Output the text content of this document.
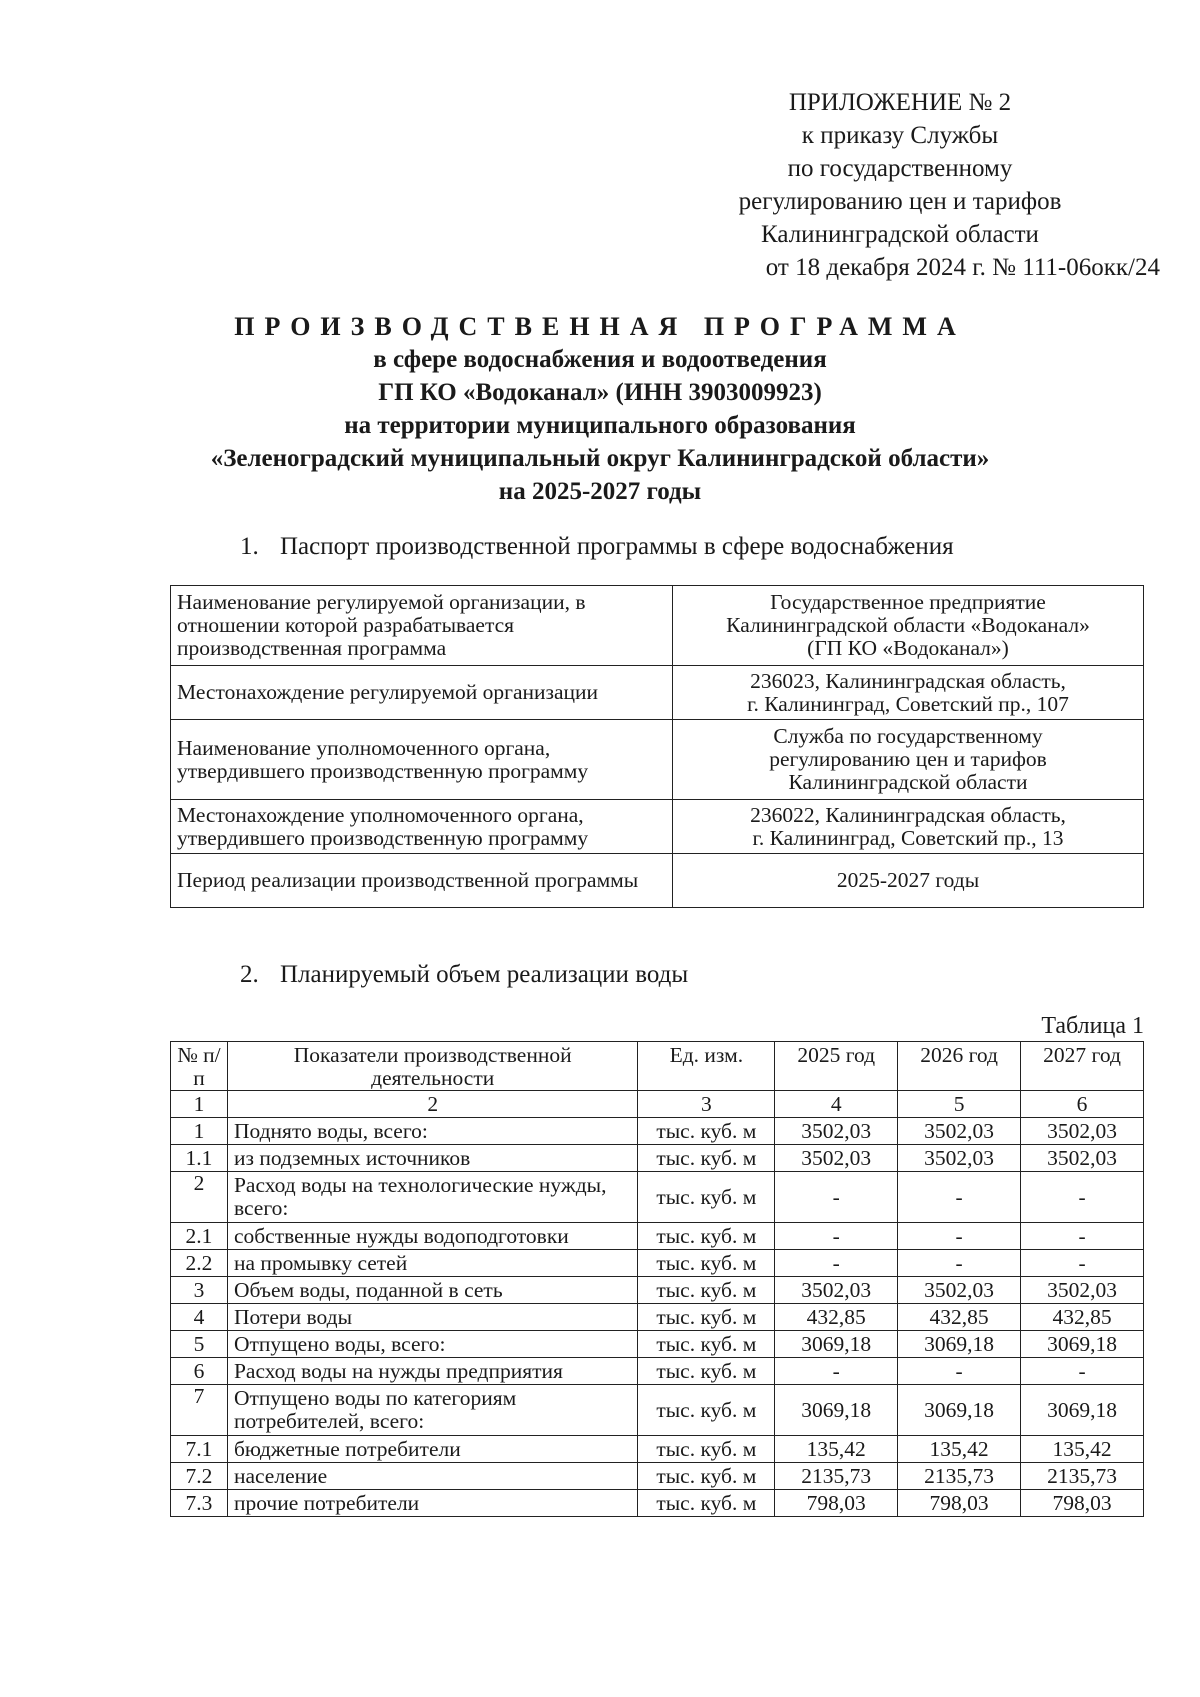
ПРИЛОЖЕНИЕ № 2
к приказу Службы
по государственному
регулированию цен и тарифов
Калининградской области
от 18 декабря 2024 г. № 111-06окк/24
ПРОИЗВОДСТВЕННАЯ ПРОГРАММА
в сфере водоснабжения и водоотведения
ГП КО «Водоканал» (ИНН 3903009923)
на территории муниципального образования
«Зеленоградский муниципальный округ Калининградской области»
на 2025-2027 годы
1. Паспорт производственной программы в сфере водоснабжения
Наименование регулируемой организации, в отношении которой разрабатывается производственная программа	Государственное предприятие
Калининградской области «Водоканал»
(ГП КО «Водоканал»)

Местонахождение регулируемой организации	236023, Калининградская область,
г. Калининград, Советский пр., 107

Наименование уполномоченного органа, утвердившего производственную программу	Служба по государственному
регулированию цен и тарифов
Калининградской области

Местонахождение уполномоченного органа, утвердившего производственную программу	236022, Калининградская область,
г. Калининград, Советский пр., 13

Период реализации производственной программы	2025-2027 годы
2. Планируемый объем реализации воды
Таблица 1
№ п/п	Показатели производственной деятельности	Ед. изм.	2025 год	2026 год	2027 год
1	2	3	4	5	6
1	Поднято воды, всего:	тыс. куб. м	3502,03	3502,03	3502,03
1.1	из подземных источников	тыс. куб. м	3502,03	3502,03	3502,03
2	Расход воды на технологические нужды, всего:	тыс. куб. м	-	-	-
2.1	собственные нужды водоподготовки	тыс. куб. м	-	-	-
2.2	на промывку сетей	тыс. куб. м	-	-	-
3	Объем воды, поданной в сеть	тыс. куб. м	3502,03	3502,03	3502,03
4	Потери воды	тыс. куб. м	432,85	432,85	432,85
5	Отпущено воды, всего:	тыс. куб. м	3069,18	3069,18	3069,18
6	Расход воды на нужды предприятия	тыс. куб. м	-	-	-
7	Отпущено воды по категориям потребителей, всего:	тыс. куб. м	3069,18	3069,18	3069,18
7.1	бюджетные потребители	тыс. куб. м	135,42	135,42	135,42
7.2	население	тыс. куб. м	2135,73	2135,73	2135,73
7.3	прочие потребители	тыс. куб. м	798,03	798,03	798,03
